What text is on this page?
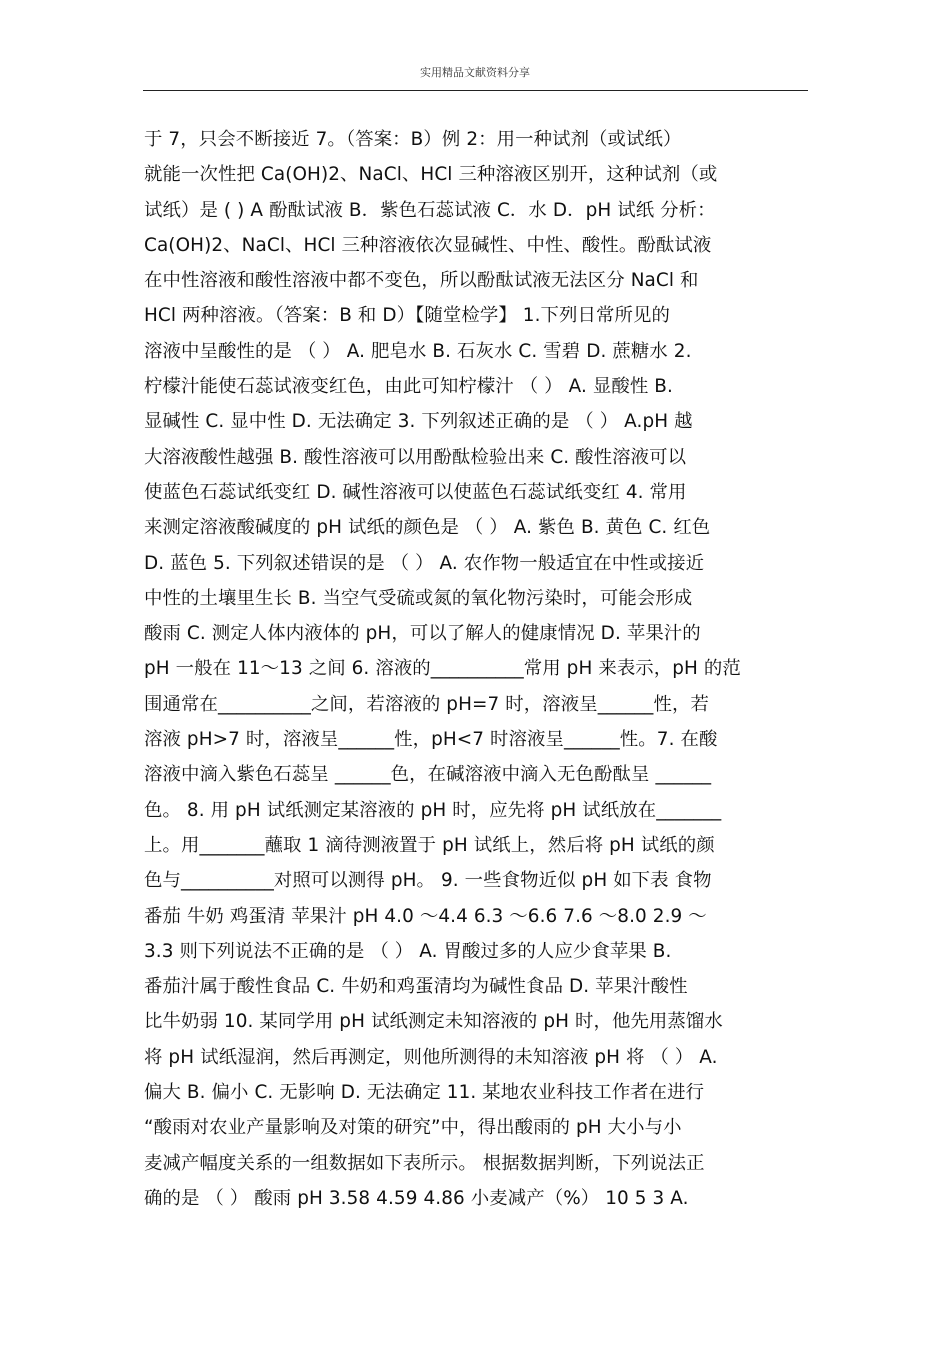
实用精品文献资料分享
于 7，只会不断接近 7。（答案：B）例 2：用一种试剂（或试纸）
就能一次性把 Ca(OH)2、NaCl、HCl 三种溶液区别开，这种试剂（或
试纸）是 ( ) A 酚酞试液 B．紫色石蕊试液 C．水 D．pH 试纸 分析：
Ca(OH)2、NaCl、HCl 三种溶液依次显碱性、中性、酸性。酚酞试液
在中性溶液和酸性溶液中都不变色，所以酚酞试液无法区分 NaCl 和
HCl 两种溶液。（答案：B 和 D）【随堂检学】 1.下列日常所见的
溶液中呈酸性的是 （ ） A. 肥皂水 B. 石灰水 C. 雪碧 D. 蔗糖水 2.
柠檬汁能使石蕊试液变红色，由此可知柠檬汁 （ ） A. 显酸性 B.
显碱性 C. 显中性 D. 无法确定 3. 下列叙述正确的是 （ ） A.pH 越
大溶液酸性越强 B. 酸性溶液可以用酚酞检验出来 C. 酸性溶液可以
使蓝色石蕊试纸变红 D. 碱性溶液可以使蓝色石蕊试纸变红 4. 常用
来测定溶液酸碱度的 pH 试纸的颜色是 （ ） A. 紫色 B. 黄色 C. 红色
D. 蓝色 5. 下列叙述错误的是 （ ） A. 农作物一般适宜在中性或接近
中性的土壤里生长 B. 当空气受硫或氮的氧化物污染时，可能会形成
酸雨 C. 测定人体内液体的 pH，可以了解人的健康情况 D. 苹果汁的
pH 一般在 11～13 之间 6. 溶液的__________常用 pH 来表示，pH 的范
围通常在__________之间，若溶液的 pH=7 时，溶液呈______性，若
溶液 pH>7 时，溶液呈______性，pH<7 时溶液呈______性。7. 在酸
溶液中滴入紫色石蕊呈 ______色，在碱溶液中滴入无色酚酞呈 ______
色。 8. 用 pH 试纸测定某溶液的 pH 时，应先将 pH 试纸放在_______
上。用_______蘸取 1 滴待测液置于 pH 试纸上，然后将 pH 试纸的颜
色与__________对照可以测得 pH。 9. 一些食物近似 pH 如下表 食物
番茄 牛奶 鸡蛋清 苹果汁 pH 4.0 ～4.4 6.3 ～6.6 7.6 ～8.0 2.9 ～
3.3 则下列说法不正确的是 （ ） A. 胃酸过多的人应少食苹果 B.
番茄汁属于酸性食品 C. 牛奶和鸡蛋清均为碱性食品 D. 苹果汁酸性
比牛奶弱 10. 某同学用 pH 试纸测定未知溶液的 pH 时，他先用蒸馏水
将 pH 试纸湿润，然后再测定，则他所测得的未知溶液 pH 将 （ ） A.
偏大 B. 偏小 C. 无影响 D. 无法确定 11. 某地农业科技工作者在进行
“酸雨对农业产量影响及对策的研究”中，得出酸雨的 pH 大小与小
麦减产幅度关系的一组数据如下表所示。 根据数据判断，下列说法正
确的是 （ ） 酸雨 pH 3.58 4.59 4.86 小麦减产（%） 10 5 3 A.
